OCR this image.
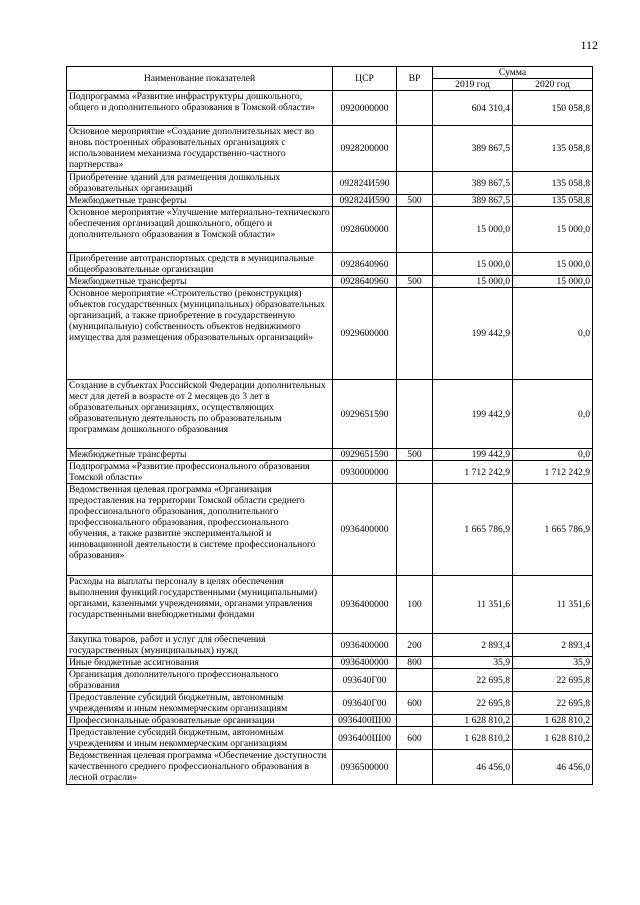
112
Наименование показателей	ЦСР	ВР	Сумма	
			2019 год	2020 год
Подпрограмма «Развитие инфраструктуры дошкольного, общего и дополнительного образования в Томской области»	0920000000		604 310,4	150 058,8
Основное мероприятие «Создание дополнительных мест во вновь построенных образовательных организациях с использованием механизма государственно-частного партнерства»	0928200000		389 867,5	135 058,8
Приобретение зданий для размещения дошкольных образовательных организаций	092824И590		389 867,5	135 058,8
Межбюджетные трансферты	092824И590	500	389 867,5	135 058,8
Основное мероприятие «Улучшение материально-технического обеспечения организаций дошкольного, общего и дополнительного образования в Томской области»	0928600000		15 000,0	15 000,0
Приобретение автотранспортных средств в муниципальные общеобразовательные организации	0928640960		15 000,0	15 000,0
Межбюджетные трансферты	0928640960	500	15 000,0	15 000,0
Основное мероприятие «Строительство (реконструкция) объектов государственных (муниципальных) образовательных организаций, а также приобретение в государственную (муниципальную) собственность объектов недвижимого имущества для размещения образовательных организаций»	0929600000		199 442,9	0,0
Создание в субъектах Российской Федерации дополнительных мест для детей в возрасте от 2 месяцев до 3 лет в образовательных организациях, осуществляющих образовательную деятельность по образовательным программам дошкольного образования	0929651590		199 442,9	0,0
Межбюджетные трансферты	0929651590	500	199 442,9	0,0
Подпрограмма «Развитие профессионального образования Томской области»	0930000000		1 712 242,9	1 712 242,9
Ведомственная целевая программа «Организация предоставления на территории Томской области среднего профессионального образования, дополнительного профессионального образования, профессионального обучения, а также развитие экспериментальной и инновационной деятельности в системе профессионального образования»	0936400000		1 665 786,9	1 665 786,9
Расходы на выплаты персоналу в целях обеспечения выполнения функций государственными (муниципальными) органами, казенными учреждениями, органами управления государственными внебюджетными фондами	0936400000	100	11 351,6	11 351,6
Закупка товаров, работ и услуг для обеспечения государственных (муниципальных) нужд	0936400000	200	2 893,4	2 893,4
Иные бюджетные ассигнования	0936400000	800	35,9	35,9
Организация дополнительного профессионального образования	093640Г00		22 695,8	22 695,8
Предоставление субсидий бюджетным, автономным учреждениям и иным некоммерческим организациям	093640Г00	600	22 695,8	22 695,8
Профессиональные образовательные организации	0936400Ш00		1 628 810,2	1 628 810,2
Предоставление субсидий бюджетным, автономным учреждениям и иным некоммерческим организациям	0936400Ш00	600	1 628 810,2	1 628 810,2
Ведомственная целевая программа «Обеспечение доступности качественного среднего профессионального образования в лесной отрасли»	0936500000		46 456,0	46 456,0
